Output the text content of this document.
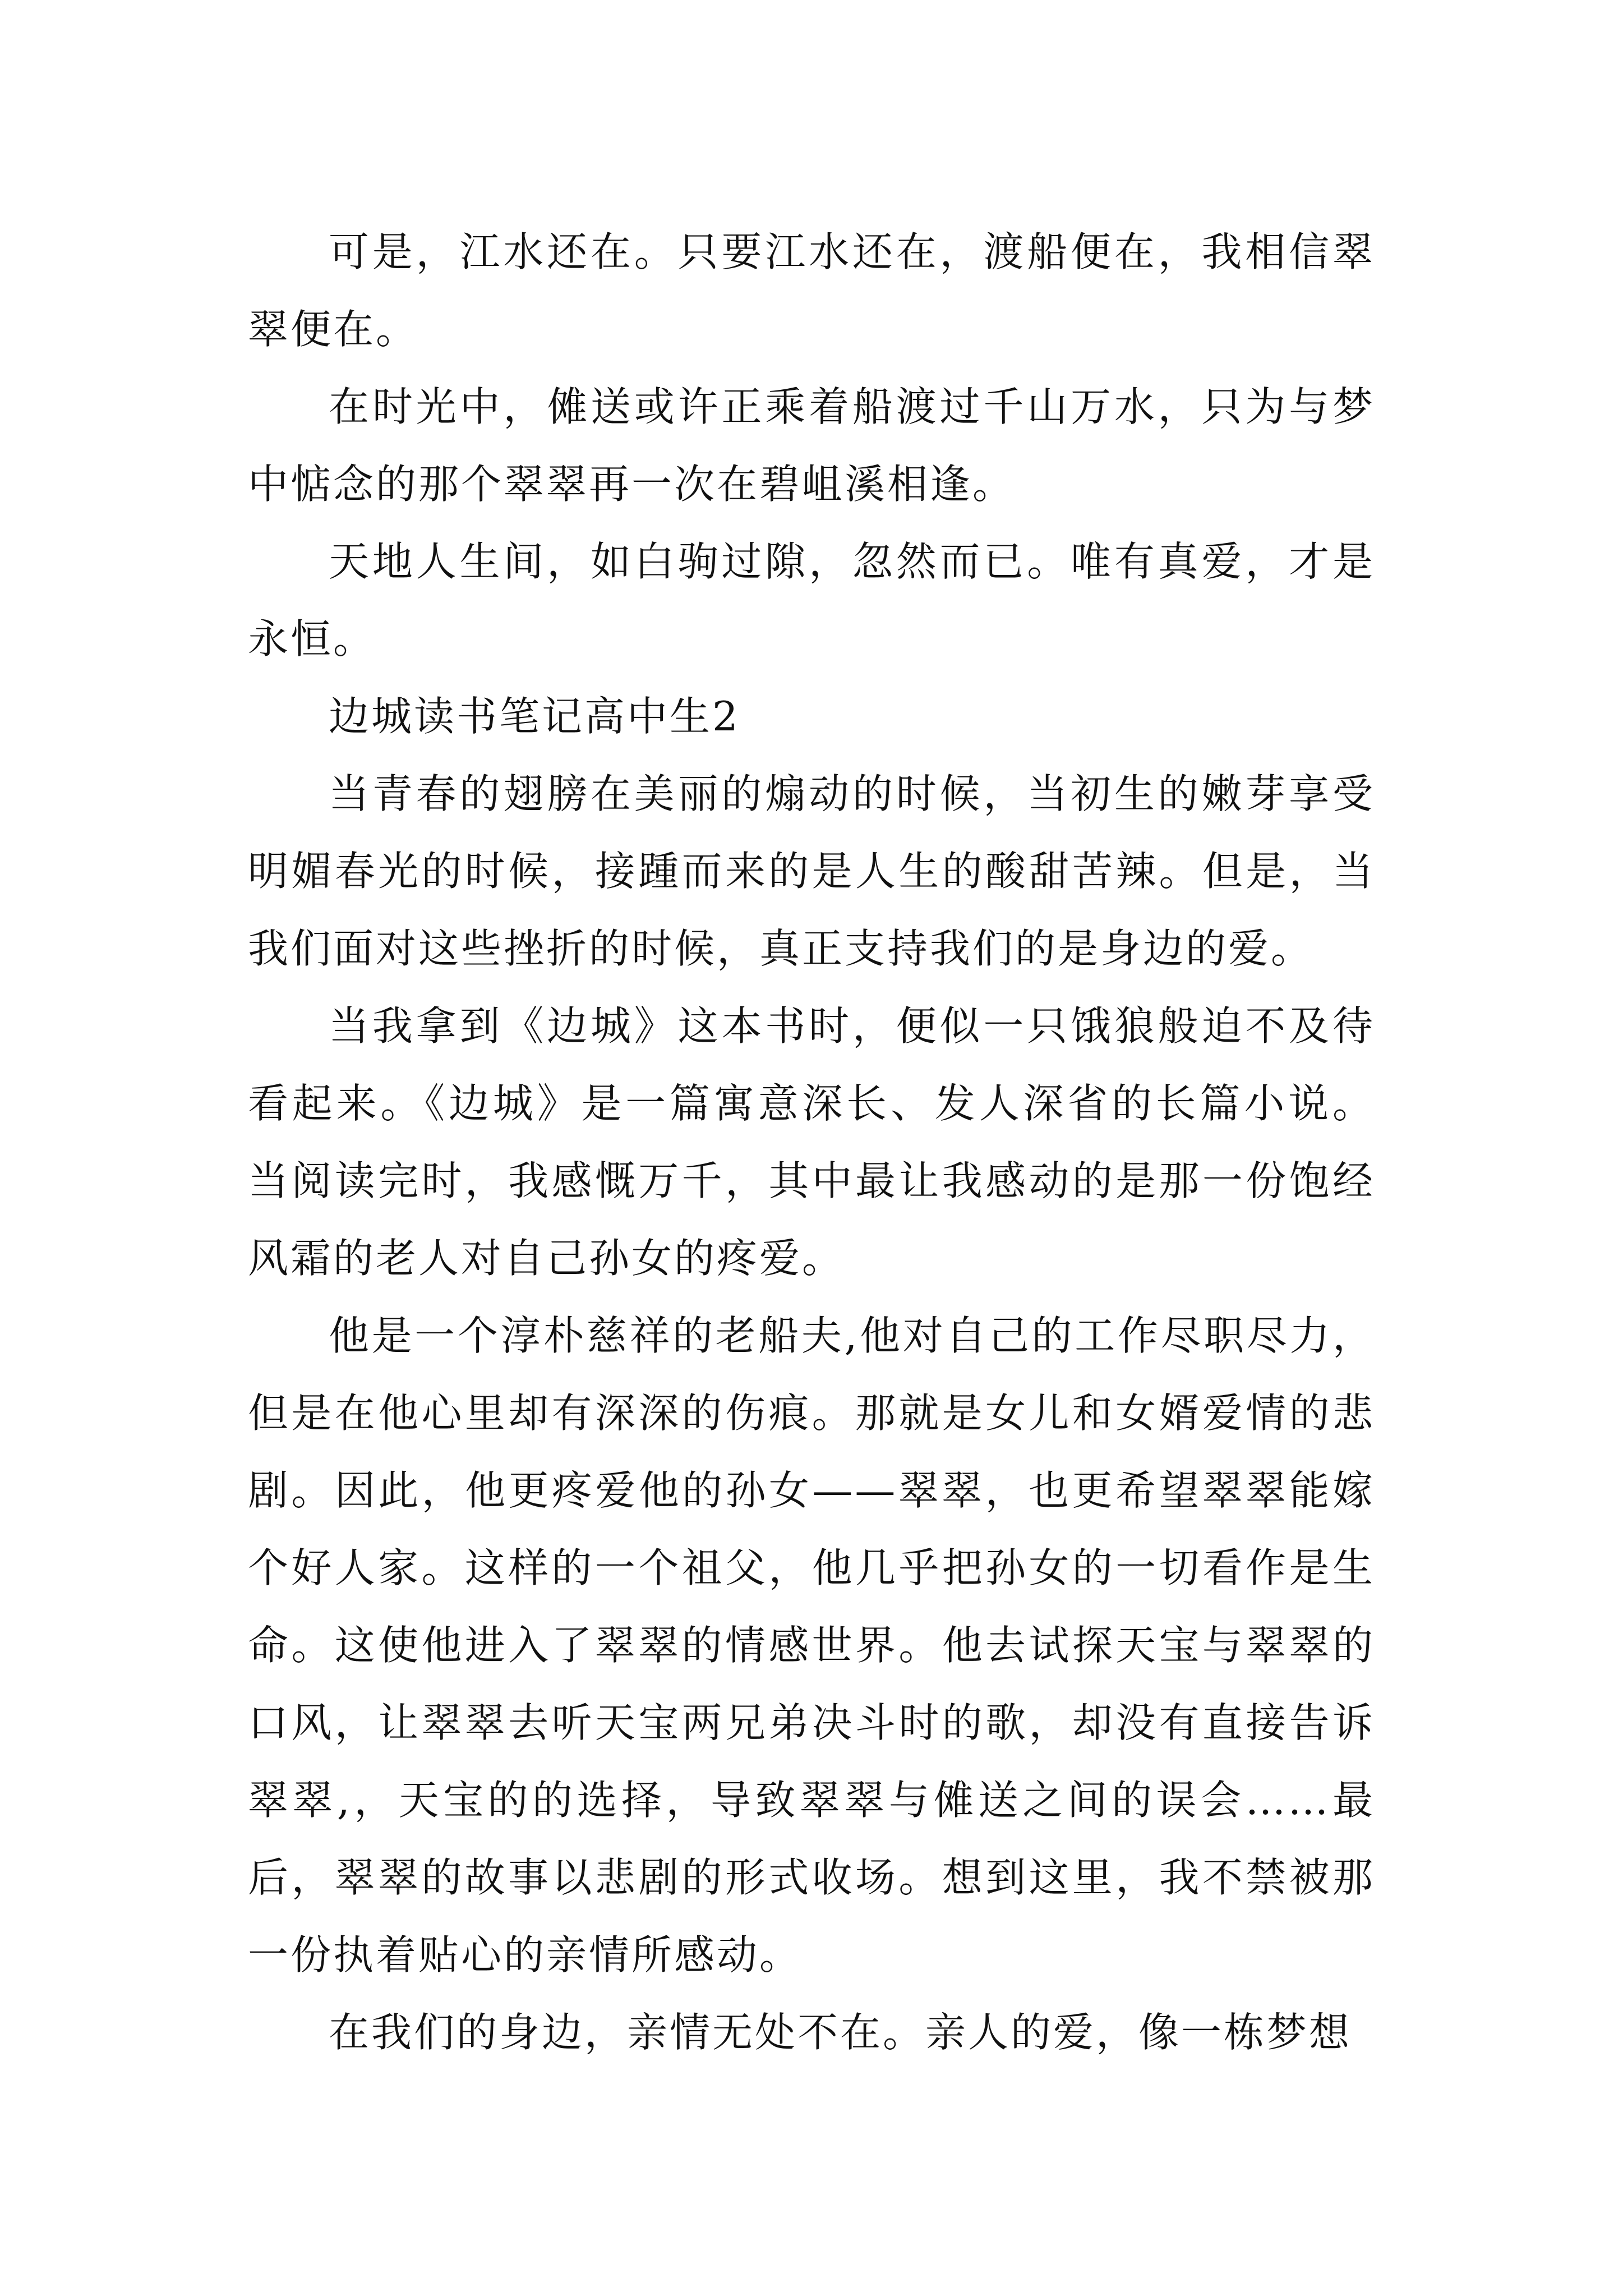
可是，江水还在。只要江水还在，渡船便在，我相信翠翠便在。

在时光中，傩送或许正乘着船渡过千山万水，只为与梦中惦念的那个翠翠再一次在碧岨溪相逢。

天地人生间，如白驹过隙，忽然而已。唯有真爱，才是永恒。

边城读书笔记高中生2

当青春的翅膀在美丽的煽动的时候，当初生的嫩芽享受明媚春光的时候，接踵而来的是人生的酸甜苦辣。但是，当我们面对这些挫折的时候，真正支持我们的是身边的爱。

当我拿到《边城》这本书时，便似一只饿狼般迫不及待看起来。《边城》是一篇寓意深长、发人深省的长篇小说。当阅读完时，我感慨万千，其中最让我感动的是那一份饱经风霜的老人对自己孙女的疼爱。

他是一个淳朴慈祥的老船夫,他对自己的工作尽职尽力，但是在他心里却有深深的伤痕。那就是女儿和女婿爱情的悲剧。因此，他更疼爱他的孙女——翠翠，也更希望翠翠能嫁个好人家。这样的一个祖父，他几乎把孙女的一切看作是生命。这使他进入了翠翠的情感世界。他去试探天宝与翠翠的口风，让翠翠去听天宝两兄弟决斗时的歌，却没有直接告诉翠翠,，天宝的的选择，导致翠翠与傩送之间的误会……最后，翠翠的故事以悲剧的形式收场。想到这里，我不禁被那一份执着贴心的亲情所感动。

在我们的身边，亲情无处不在。亲人的爱，像一栋梦想
